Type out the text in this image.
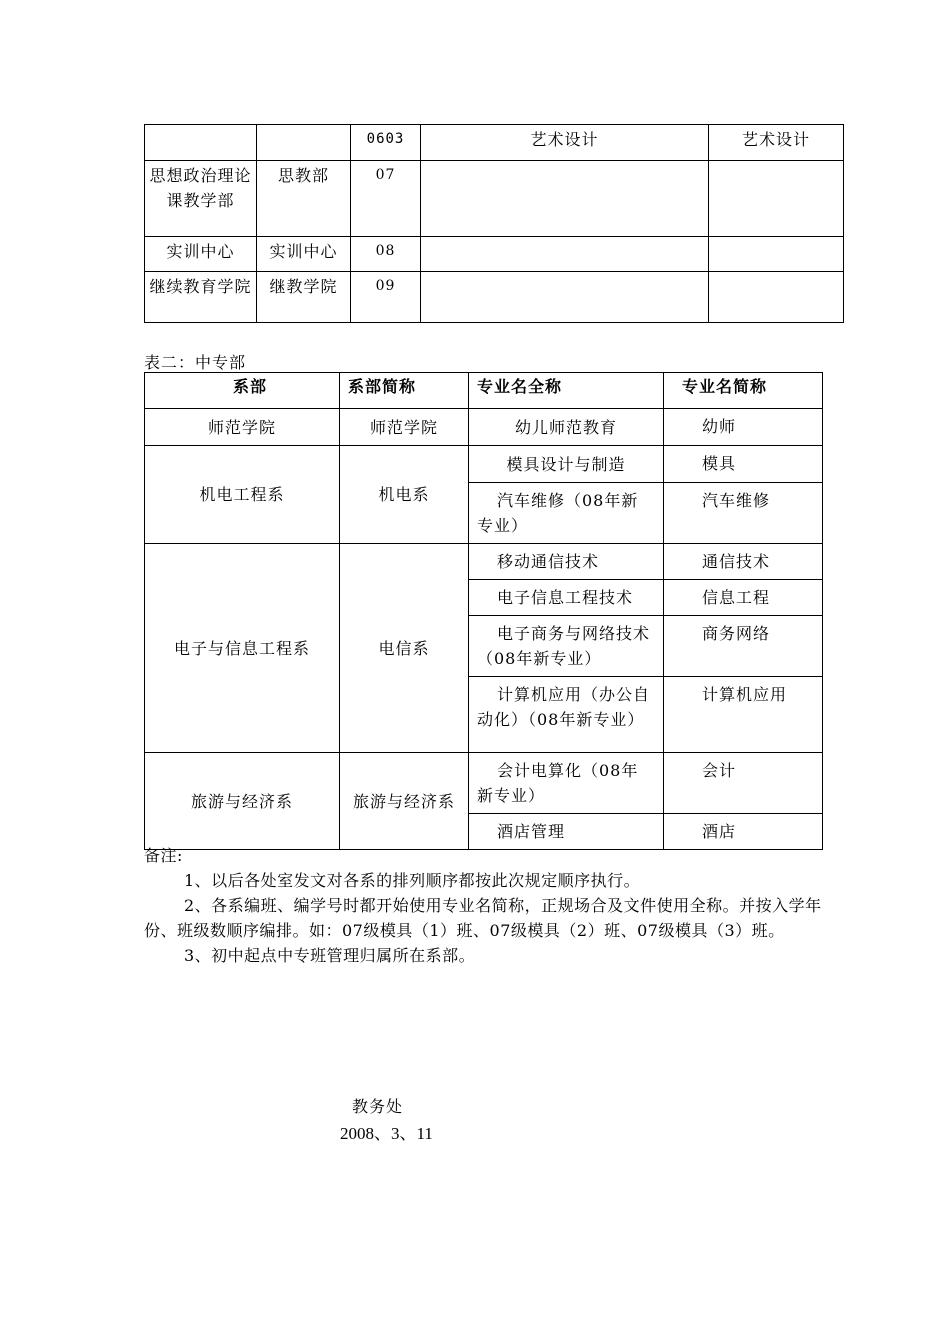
		0603	艺术设计	艺术设计
思想政治理论课教学部	思教部	07		
实训中心	实训中心	08		
继续教育学院	继教学院	09		
表二：中专部
系部	系部简称	专业名全称	专业名简称
师范学院	师范学院	幼儿师范教育	幼师
机电工程系	机电系	模具设计与制造	模具
		汽车维修（08年新专业）	汽车维修
电子与信息工程系	电信系	移动通信技术	通信技术
		电子信息工程技术	信息工程
		电子商务与网络技术（08年新专业）	商务网络
		计算机应用（办公自动化）（08年新专业）	计算机应用
旅游与经济系	旅游与经济系	会计电算化（08年新专业）	会计
		酒店管理	酒店

备注:

1、以后各处室发文对各系的排列顺序都按此次规定顺序执行。

2、各系编班、编学号时都开始使用专业名简称，正规场合及文件使用全称。并按入学年份、班级数顺序编排。如：07级模具（1）班、07级模具（2）班、07级模具（3）班。

3、初中起点中专班管理归属所在系部。

教务处
2008、3、11
